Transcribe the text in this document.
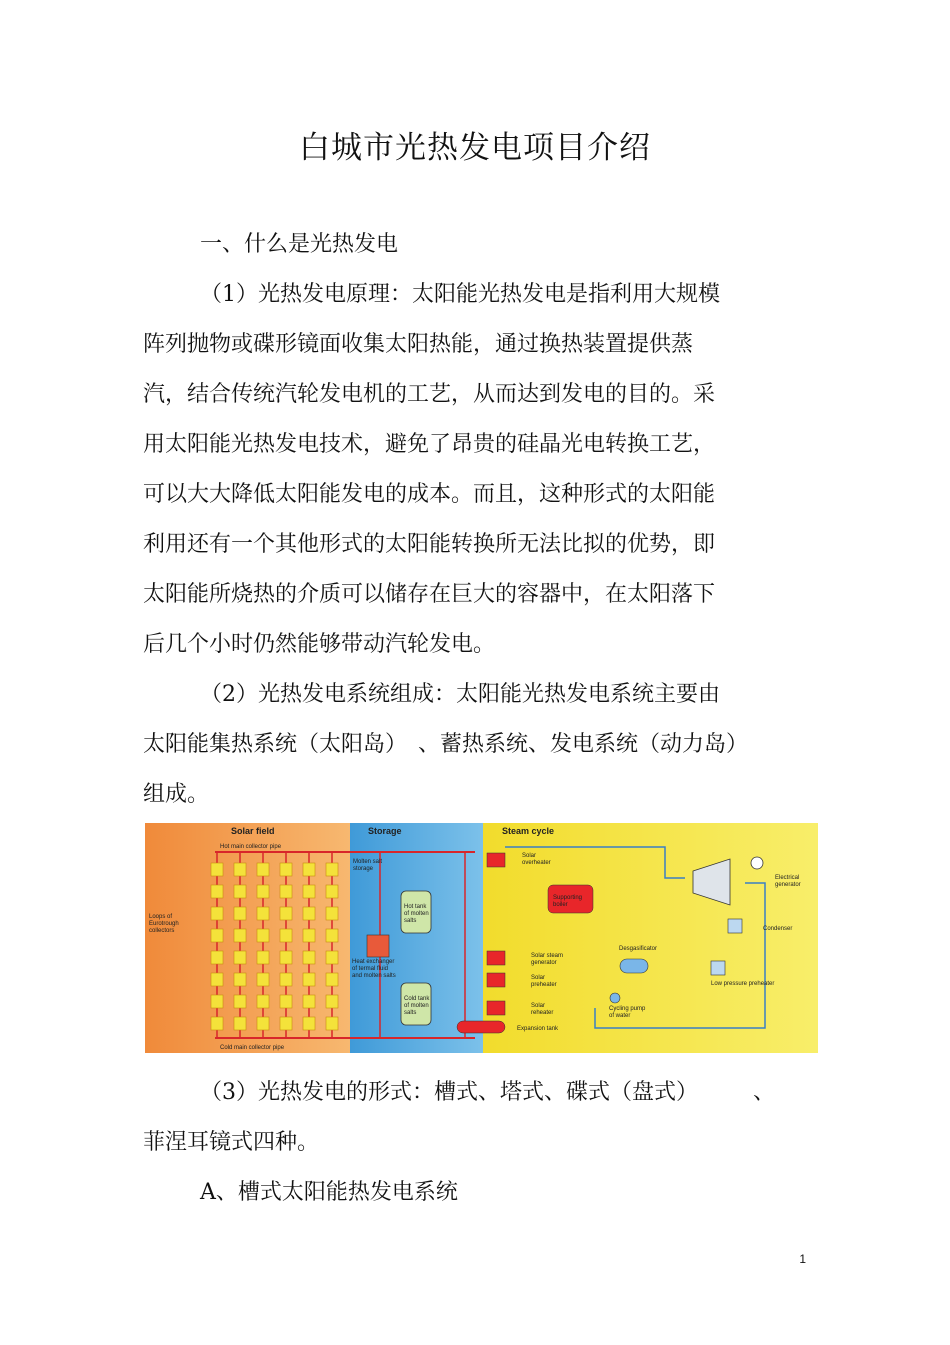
白城市光热发电项目介绍
一、什么是光热发电
（1）光热发电原理：太阳能光热发电是指利用大规模
阵列抛物或碟形镜面收集太阳热能，通过换热装置提供蒸
汽，结合传统汽轮发电机的工艺，从而达到发电的目的。采
用太阳能光热发电技术，避免了昂贵的硅晶光电转换工艺，
可以大大降低太阳能发电的成本。而且，这种形式的太阳能
利用还有一个其他形式的太阳能转换所无法比拟的优势，即
太阳能所烧热的介质可以储存在巨大的容器中，在太阳落下
后几个小时仍然能够带动汽轮发电。
（2）光热发电系统组成：太阳能光热发电系统主要由
太阳能集热系统（太阳岛）　、蓄热系统、发电系统（动力岛）
组成。
Solar field	Storage	Steam cycle
Hot main collector pipe
Cold main collector pipe
Loops of
Eurotrough
collectors
Molten salt
storage
Hot tank
of molten
salts
Heat exchanger
of termal fluid
and molten salts
Cold tank
of molten
salts
Solar
overheater
Supporting
boiler
Solar steam
generator
Solar
preheater
Solar
reheater
Expansion tank
Electrical
generator
Condenser
Desgasificator
Low pressure preheater
Cycling pump
of water
（3）光热发电的形式：槽式、塔式、碟式（盘式）　　　、
菲涅耳镜式四种。
A、槽式太阳能热发电系统
1
